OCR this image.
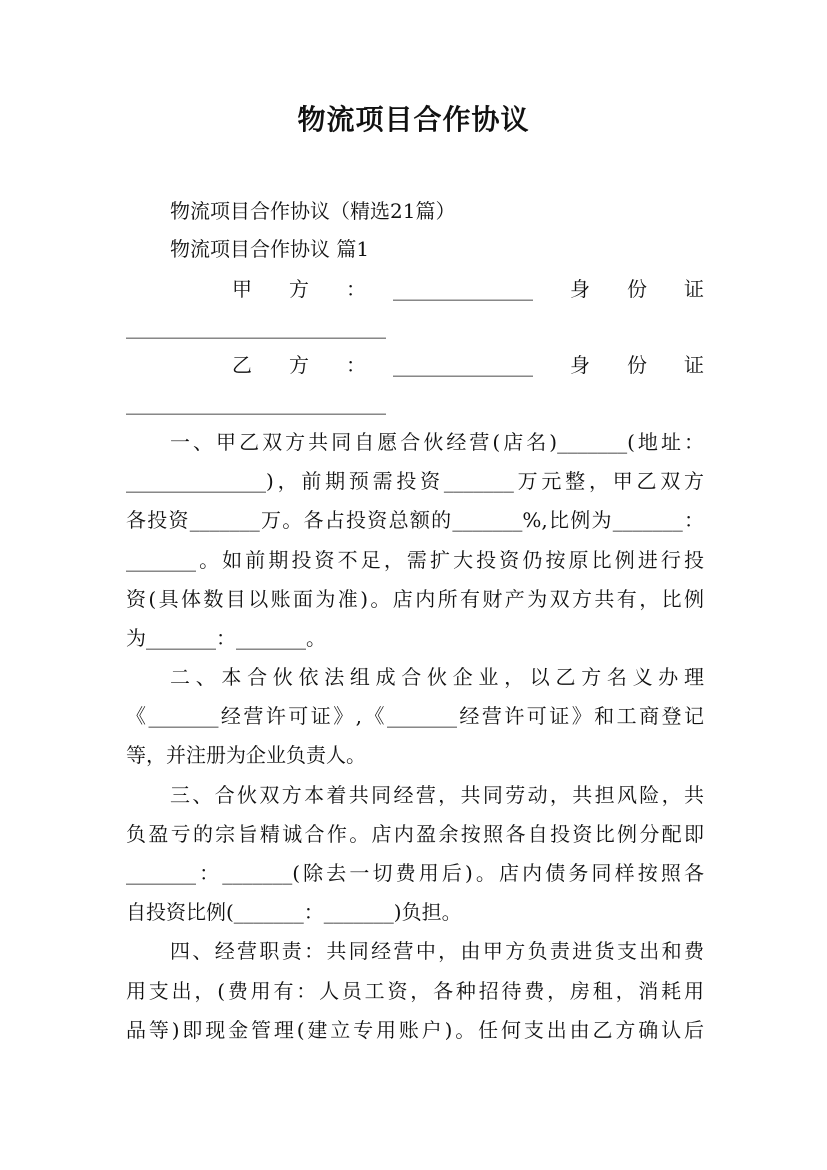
物流项目合作协议

物流项目合作协议（精选21篇）

物流项目合作协议 篇1

甲　方　：　______________　身　份　证

__________________________

乙　方　：　______________　身　份　证

__________________________

一、甲乙双方共同自愿合伙经营(店名)_______(地址：

______________)，前期预需投资_______万元整，甲乙双方

各投资_______万。各占投资总额的_______%,比例为_______：

_______。如前期投资不足，需扩大投资仍按原比例进行投

资(具体数目以账面为准)。店内所有财产为双方共有，比例

为_______：_______。

二、本合伙依法组成合伙企业，以乙方名义办理

《_______经营许可证》,《_______经营许可证》和工商登记

等，并注册为企业负责人。

三、合伙双方本着共同经营，共同劳动，共担风险，共

负盈亏的宗旨精诚合作。店内盈余按照各自投资比例分配即

_______：_______(除去一切费用后)。店内债务同样按照各

自投资比例(_______：_______)负担。

四、经营职责：共同经营中，由甲方负责进货支出和费

用支出，(费用有：人员工资，各种招待费，房租，消耗用

品等)即现金管理(建立专用账户)。任何支出由乙方确认后
